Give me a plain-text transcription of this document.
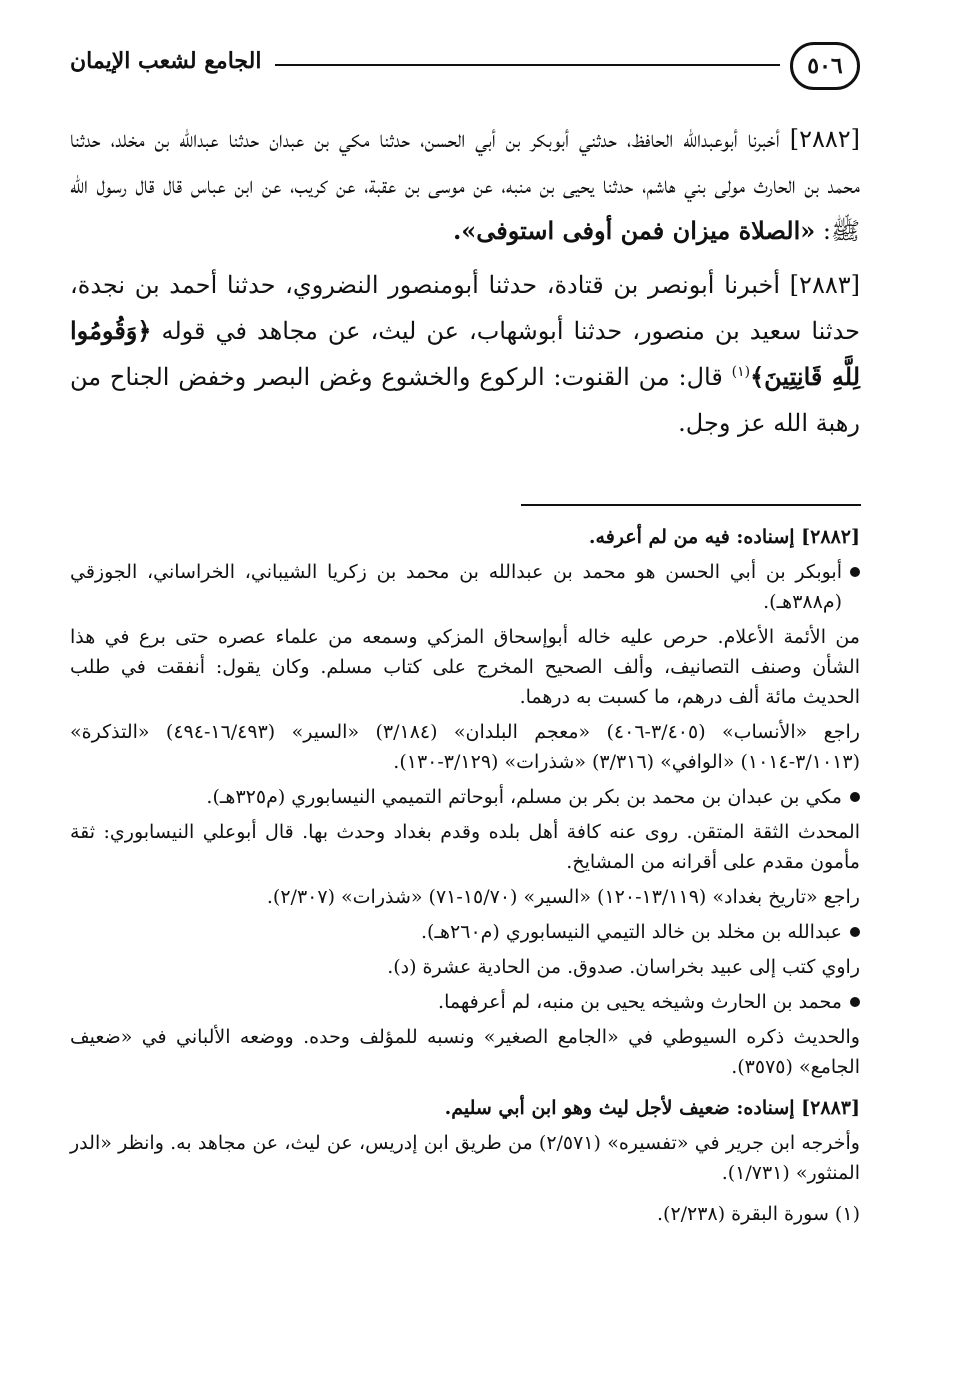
٥٠٦
الجامع لشعب الإيمان

[٢٨٨٢] أخبرنا أبوعبدالله الحافظ، حدثني أبوبكر بن أبي الحسن، حدثنا مكي بن عبدان حدثنا عبدالله بن مخلد، حدثنا محمد بن الحارث مولى بني هاشم، حدثنا يحيى بن منبه، عن موسى بن عقبة، عن كريب، عن ابن عباس قال قال رسول الله ﷺ: «الصلاة ميزان فمن أوفى استوفى».

[٢٨٨٣] أخبرنا أبونصر بن قتادة، حدثنا أبومنصور النضروي، حدثنا أحمد بن نجدة، حدثنا سعيد بن منصور، حدثنا أبوشهاب، عن ليث، عن مجاهد في قوله ﴿وَقُومُوا لِلَّهِ قَانِتِينَ﴾$^{(١)}$ قال: من القنوت: الركوع والخشوع وغض البصر وخفض الجناح من رهبة الله عز وجل.

[٢٨٨٢] إسناده: فيه من لم أعرفه.

أبوبكر بن أبي الحسن هو محمد بن عبدالله بن محمد بن زكريا الشيباني، الخراساني، الجوزقي (م٣٨٨هـ).

من الأئمة الأعلام. حرص عليه خاله أبوإسحاق المزكي وسمعه من علماء عصره حتى برع في هذا الشأن وصنف التصانيف، وألف الصحيح المخرج على كتاب مسلم. وكان يقول: أنفقت في طلب الحديث مائة ألف درهم، ما كسبت به درهما.

راجع «الأنساب» (٣/٤٠٥-٤٠٦) «معجم البلدان» (٣/١٨٤) «السير» (١٦/٤٩٣-٤٩٤) «التذكرة» (٣/١٠١٣-١٠١٤) «الوافي» (٣/٣١٦) «شذرات» (٣/١٢٩-١٣٠).

مكي بن عبدان بن محمد بن بكر بن مسلم، أبوحاتم التميمي النيسابوري (م٣٢٥هـ).

المحدث الثقة المتقن. روى عنه كافة أهل بلده وقدم بغداد وحدث بها. قال أبوعلي النيسابوري: ثقة مأمون مقدم على أقرانه من المشايخ.

راجع «تاريخ بغداد» (١٣/١١٩-١٢٠) «السير» (١٥/٧٠-٧١) «شذرات» (٢/٣٠٧).

عبدالله بن مخلد بن خالد التيمي النيسابوري (م٢٦٠هـ).

راوي كتب إلى عبيد بخراسان. صدوق. من الحادية عشرة (د).

محمد بن الحارث وشيخه يحيى بن منبه، لم أعرفهما.

والحديث ذكره السيوطي في «الجامع الصغير» ونسبه للمؤلف وحده. ووضعه الألباني في «ضعيف الجامع» (٣٥٧٥).

[٢٨٨٣] إسناده: ضعيف لأجل ليث وهو ابن أبي سليم.

وأخرجه ابن جرير في «تفسيره» (٢/٥٧١) من طريق ابن إدريس، عن ليث، عن مجاهد به. وانظر «الدر المنثور» (١/٧٣١).

(١) سورة البقرة (٢/٢٣٨).
